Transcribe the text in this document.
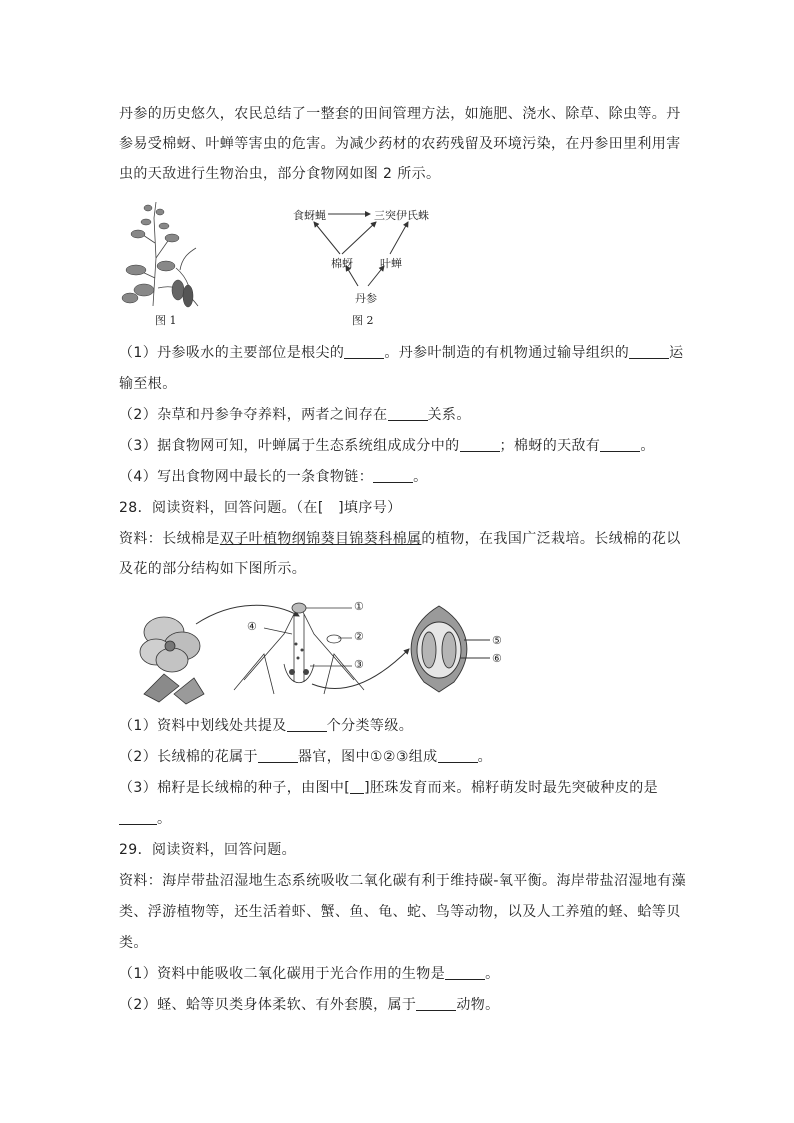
丹参的历史悠久，农民总结了一整套的田间管理方法，如施肥、浇水、除草、除虫等。丹
参易受棉蚜、叶蝉等害虫的危害。为减少药材的农药残留及环境污染，在丹参田里利用害
虫的天敌进行生物治虫，部分食物网如图 2 所示。
图 1
食蚜蝇	三突伊氏蛛
棉蚜 叶蝉
丹参
图 2
（1）丹参吸水的主要部位是根尖的	。丹参叶制造的有机物通过输导组织的	运
输至根。
（2）杂草和丹参争夺养料，两者之间存在	关系。
（3）据食物网可知，叶蝉属于生态系统组成成分中的	；棉蚜的天敌有	。
（4）写出食物网中最长的一条食物链：	。
28．阅读资料，回答问题。（在[　]填序号）
资料：长绒棉是双子叶植物纲锦葵目锦葵科棉属的植物，在我国广泛栽培。长绒棉的花以
及花的部分结构如下图所示。
①
②
③
④
⑤
⑥
（1）资料中划线处共提及	个分类等级。
（2）长绒棉的花属于	器官，图中①②③组成	。
（3）棉籽是长绒棉的种子，由图中[ ]胚珠发育而来。棉籽萌发时最先突破种皮的是
。
29．阅读资料，回答问题。
资料：海岸带盐沼湿地生态系统吸收二氧化碳有利于维持碳-氧平衡。海岸带盐沼湿地有藻
类、浮游植物等，还生活着虾、蟹、鱼、龟、蛇、鸟等动物，以及人工养殖的蛏、蛤等贝
类。
（1）资料中能吸收二氧化碳用于光合作用的生物是	。
（2）蛏、蛤等贝类身体柔软、有外套膜，属于	动物。
